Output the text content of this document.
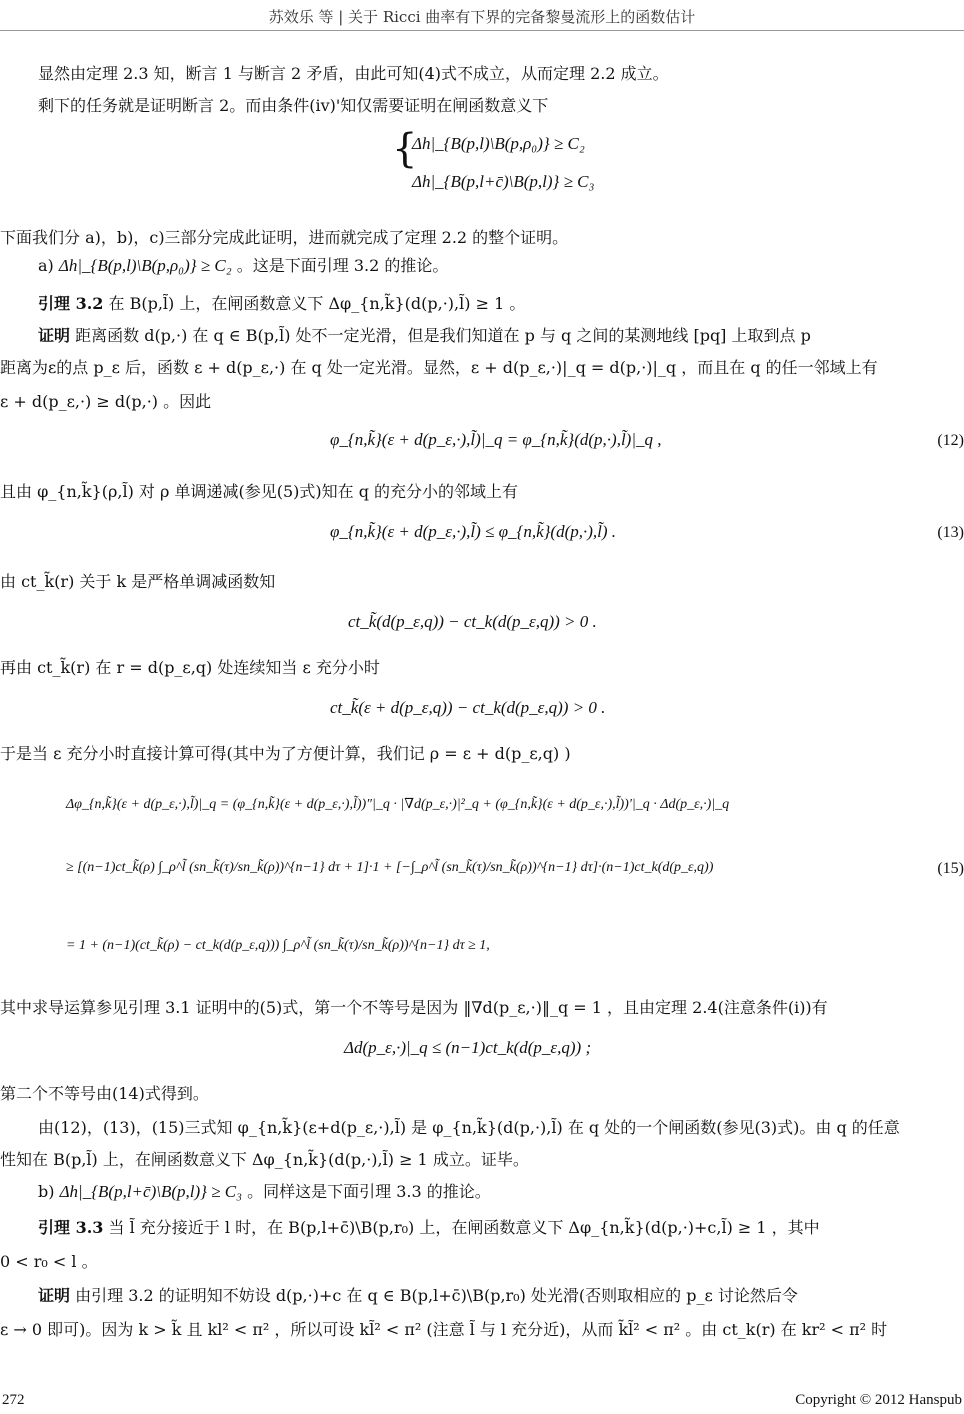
苏效乐 等 | 关于 Ricci 曲率有下界的完备黎曼流形上的函数估计
显然由定理 2.3 知，断言 1 与断言 2 矛盾，由此可知(4)式不成立，从而定理 2.2 成立。
剩下的任务就是证明断言 2。而由条件(iv)'知仅需要证明在闸函数意义下
{
Δh|_{B(p,l)\B(p,ρ₀)} ≥ C₂
Δh|_{B(p,l+c̄)\B(p,l)} ≥ C₃
下面我们分 a)，b)，c)三部分完成此证明，进而就完成了定理 2.2 的整个证明。
a) Δh|_{B(p,l)\B(p,ρ₀)} ≥ C₂ 。这是下面引理 3.2 的推论。
引理 3.2 在 B(p,l̃) 上，在闸函数意义下 Δφ_{n,k̃}(d(p,·),l̃) ≥ 1 。
证明 距离函数 d(p,·) 在 q ∈ B(p,l̃) 处不一定光滑，但是我们知道在 p 与 q 之间的某测地线 [pq] 上取到点 p
距离为ε的点 p_ε 后，函数 ε + d(p_ε,·) 在 q 处一定光滑。显然，ε + d(p_ε,·)|_q = d(p,·)|_q ，而且在 q 的任一邻域上有
ε + d(p_ε,·) ≥ d(p,·) 。因此
φ_{n,k̃}(ε + d(p_ε,·),l̃)|_q = φ_{n,k̃}(d(p,·),l̃)|_q ,	(12)
且由 φ_{n,k̃}(ρ,l̃) 对 ρ 单调递减(参见(5)式)知在 q 的充分小的邻域上有
φ_{n,k̃}(ε + d(p_ε,·),l̃) ≤ φ_{n,k̃}(d(p,·),l̃) .	(13)
由 ct_k̃(r) 关于 k 是严格单调减函数知
ct_k̃(d(p_ε,q)) − ct_k(d(p_ε,q)) > 0 .
再由 ct_k̃(r) 在 r = d(p_ε,q) 处连续知当 ε 充分小时
ct_k̃(ε + d(p_ε,q)) − ct_k(d(p_ε,q)) > 0 .
于是当 ε 充分小时直接计算可得(其中为了方便计算，我们记 ρ = ε + d(p_ε,q) )
Δφ_{n,k̃}(ε + d(p_ε,·),l̃)|_q = (φ_{n,k̃}(ε + d(p_ε,·),l̃))″|_q · |∇d(p_ε,·)|²_q + (φ_{n,k̃}(ε + d(p_ε,·),l̃))′|_q · Δd(p_ε,·)|_q
≥ [(n−1)ct_k̃(ρ) ∫_ρ^l̃ (sn_k̃(τ)/sn_k̃(ρ))^{n−1} dτ + 1]·1 + [−∫_ρ^l̃ (sn_k̃(τ)/sn_k̃(ρ))^{n−1} dτ]·(n−1)ct_k(d(p_ε,q))	(15)
= 1 + (n−1)(ct_k̃(ρ) − ct_k(d(p_ε,q))) ∫_ρ^l̃ (sn_k̃(τ)/sn_k̃(ρ))^{n−1} dτ ≥ 1,
其中求导运算参见引理 3.1 证明中的(5)式，第一个不等号是因为 ‖∇d(p_ε,·)‖_q = 1 ，且由定理 2.4(注意条件(i))有
Δd(p_ε,·)|_q ≤ (n−1)ct_k(d(p_ε,q)) ;
第二个不等号由(14)式得到。
由(12)，(13)，(15)三式知 φ_{n,k̃}(ε+d(p_ε,·),l̃) 是 φ_{n,k̃}(d(p,·),l̃) 在 q 处的一个闸函数(参见(3)式)。由 q 的任意
性知在 B(p,l̃) 上，在闸函数意义下 Δφ_{n,k̃}(d(p,·),l̃) ≥ 1 成立。证毕。
b) Δh|_{B(p,l+c̄)\B(p,l)} ≥ C₃ 。同样这是下面引理 3.3 的推论。
引理 3.3 当 l̃ 充分接近于 l 时，在 B(p,l+c̄)\B(p,r₀) 上，在闸函数意义下 Δφ_{n,k̃}(d(p,·)+c,l̃) ≥ 1 ，其中
0 < r₀ < l 。
证明 由引理 3.2 的证明知不妨设 d(p,·)+c 在 q ∈ B(p,l+c̄)\B(p,r₀) 处光滑(否则取相应的 p_ε 讨论然后令
ε → 0 即可)。因为 k > k̃ 且 kl² < π² ，所以可设 kl̃² < π² (注意 l̃ 与 l 充分近)，从而 k̃l̃² < π² 。由 ct_k(r) 在 kr² < π² 时
272	Copyright © 2012 Hanspub
